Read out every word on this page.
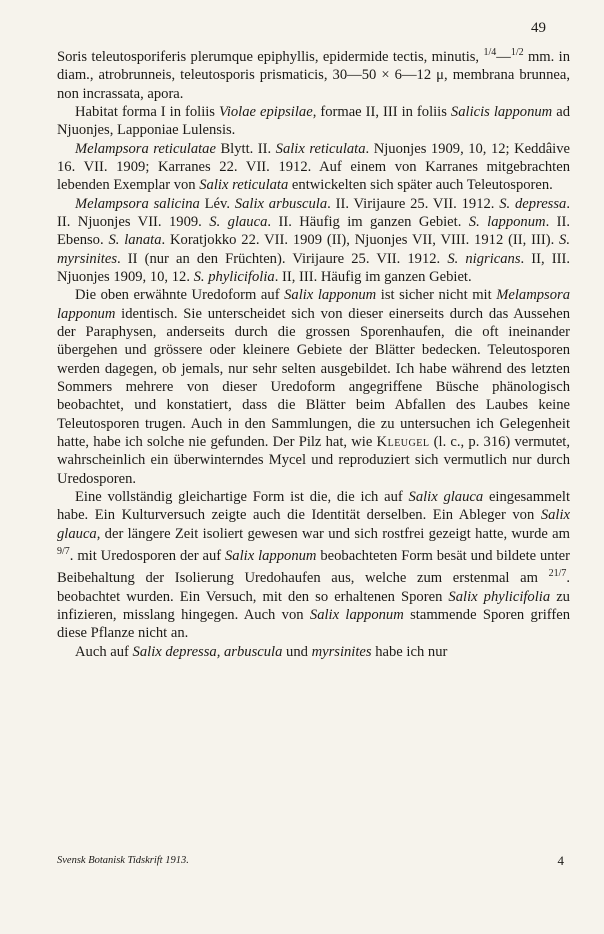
49

Soris teleutosporiferis plerumque epiphyllis, epidermide tectis, minutis, $^{1/4}$—$^{1/2}$ mm. in diam., atrobrunneis, teleutosporis prismaticis, 30—50 × 6—12 μ, membrana brunnea, non incrassata, apora.

Habitat forma I in foliis Violae epipsilae, formae II, III in foliis Salicis lapponum ad Njuonjes, Lapponiae Lulensis.

Melampsora reticulatae Blytt. II. Salix reticulata. Njuonjes 1909, 10, 12; Keddâive 16. VII. 1909; Karranes 22. VII. 1912. Auf einem von Karranes mitgebrachten lebenden Exemplar von Salix reticulata entwickelten sich später auch Teleutosporen.

Melampsora salicina Lév. Salix arbuscula. II. Virijaure 25. VII. 1912. S. depressa. II. Njuonjes VII. 1909. S. glauca. II. Häufig im ganzen Gebiet. S. lapponum. II. Ebenso. S. lanata. Koratjokko 22. VII. 1909 (II), Njuonjes VII, VIII. 1912 (II, III). S. myrsinites. II (nur an den Früchten). Virijaure 25. VII. 1912. S. nigricans. II, III. Njuonjes 1909, 10, 12. S. phylicifolia. II, III. Häufig im ganzen Gebiet.

Die oben erwähnte Uredoform auf Salix lapponum ist sicher nicht mit Melampsora lapponum identisch. Sie unterscheidet sich von dieser einerseits durch das Aussehen der Paraphysen, anderseits durch die grossen Sporenhaufen, die oft ineinander übergehen und grössere oder kleinere Gebiete der Blätter bedecken. Teleutosporen werden dagegen, ob jemals, nur sehr selten ausgebildet. Ich habe während des letzten Sommers mehrere von dieser Uredoform angegriffene Büsche phänologisch beobachtet, und konstatiert, dass die Blätter beim Abfallen des Laubes keine Teleutosporen trugen. Auch in den Sammlungen, die zu untersuchen ich Gelegenheit hatte, habe ich solche nie gefunden. Der Pilz hat, wie Kleugel (l. c., p. 316) vermutet, wahrscheinlich ein überwinterndes Mycel und reproduziert sich vermutlich nur durch Uredosporen.

Eine vollständig gleichartige Form ist die, die ich auf Salix glauca eingesammelt habe. Ein Kulturversuch zeigte auch die Identität derselben. Ein Ableger von Salix glauca, der längere Zeit isoliert gewesen war und sich rostfrei gezeigt hatte, wurde am $^{9/7}$. mit Uredosporen der auf Salix lapponum beobachteten Form besät und bildete unter Beibehaltung der Isolierung Uredohaufen aus, welche zum erstenmal am $^{21/7}$. beobachtet wurden. Ein Versuch, mit den so erhaltenen Sporen Salix phylicifolia zu infizieren, misslang hingegen. Auch von Salix lapponum stammende Sporen griffen diese Pflanze nicht an.

Auch auf Salix depressa, arbuscula und myrsinites habe ich nur

Svensk Botanisk Tidskrift 1913.	4
